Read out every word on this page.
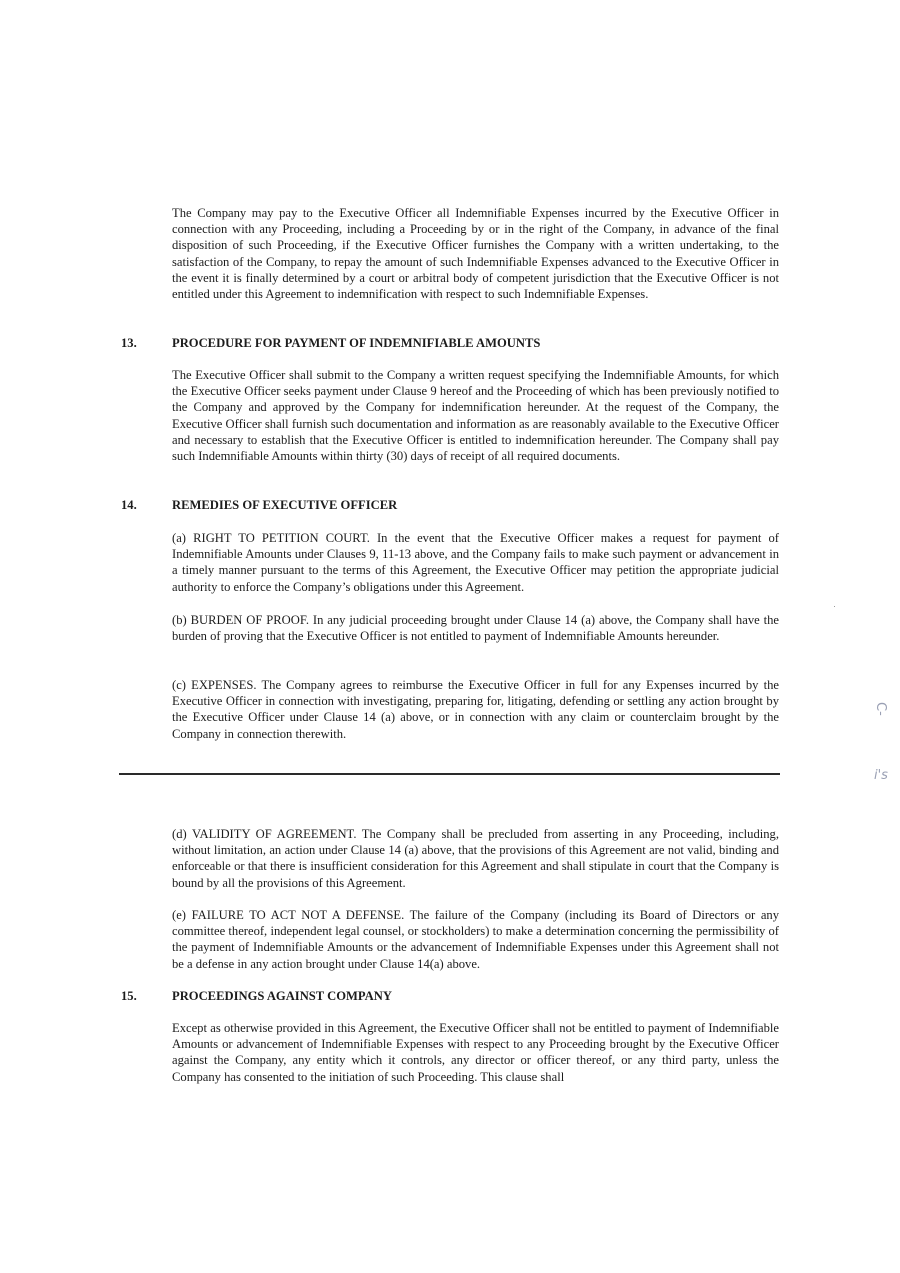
The Company may pay to the Executive Officer all Indemnifiable Expenses incurred by the Executive Officer in connection with any Proceeding, including a Proceeding by or in the right of the Company, in advance of the final disposition of such Proceeding, if the Executive Officer furnishes the Company with a written undertaking, to the satisfaction of the Company, to repay the amount of such Indemnifiable Expenses advanced to the Executive Officer in the event it is finally determined by a court or arbitral body of competent jurisdiction that the Executive Officer is not entitled under this Agreement to indemnification with respect to such Indemnifiable Expenses.

13.	PROCEDURE FOR PAYMENT OF INDEMNIFIABLE AMOUNTS

The Executive Officer shall submit to the Company a written request specifying the Indemnifiable Amounts, for which the Executive Officer seeks payment under Clause 9 hereof and the Proceeding of which has been previously notified to the Company and approved by the Company for indemnification hereunder. At the request of the Company, the Executive Officer shall furnish such documentation and information as are reasonably available to the Executive Officer and necessary to establish that the Executive Officer is entitled to indemnification hereunder. The Company shall pay such Indemnifiable Amounts within thirty (30) days of receipt of all required documents.

14.	REMEDIES OF EXECUTIVE OFFICER

(a) RIGHT TO PETITION COURT. In the event that the Executive Officer makes a request for payment of Indemnifiable Amounts under Clauses 9, 11-13 above, and the Company fails to make such payment or advancement in a timely manner pursuant to the terms of this Agreement, the Executive Officer may petition the appropriate judicial authority to enforce the Company’s obligations under this Agreement.

(b) BURDEN OF PROOF. In any judicial proceeding brought under Clause 14 (a) above, the Company shall have the burden of proving that the Executive Officer is not entitled to payment of Indemnifiable Amounts hereunder.

(c) EXPENSES. The Company agrees to reimburse the Executive Officer in full for any Expenses incurred by the Executive Officer in connection with investigating, preparing for, litigating, defending or settling any action brought by the Executive Officer under Clause 14 (a) above, or in connection with any claim or counterclaim brought by the Company in connection therewith.

(d) VALIDITY OF AGREEMENT. The Company shall be precluded from asserting in any Proceeding, including, without limitation, an action under Clause 14 (a) above, that the provisions of this Agreement are not valid, binding and enforceable or that there is insufficient consideration for this Agreement and shall stipulate in court that the Company is bound by all the provisions of this Agreement.

(e) FAILURE TO ACT NOT A DEFENSE. The failure of the Company (including its Board of Directors or any committee thereof, independent legal counsel, or stockholders) to make a determination concerning the permissibility of the payment of Indemnifiable Amounts or the advancement of Indemnifiable Expenses under this Agreement shall not be a defense in any action brought under Clause 14(a) above.

15.	PROCEEDINGS AGAINST COMPANY

Except as otherwise provided in this Agreement, the Executive Officer shall not be entitled to payment of Indemnifiable Amounts or advancement of Indemnifiable Expenses with respect to any Proceeding brought by the Executive Officer against the Company, any entity which it controls, any director or officer thereof, or any third party, unless the Company has consented to the initiation of such Proceeding. This clause shall

C-
i's
